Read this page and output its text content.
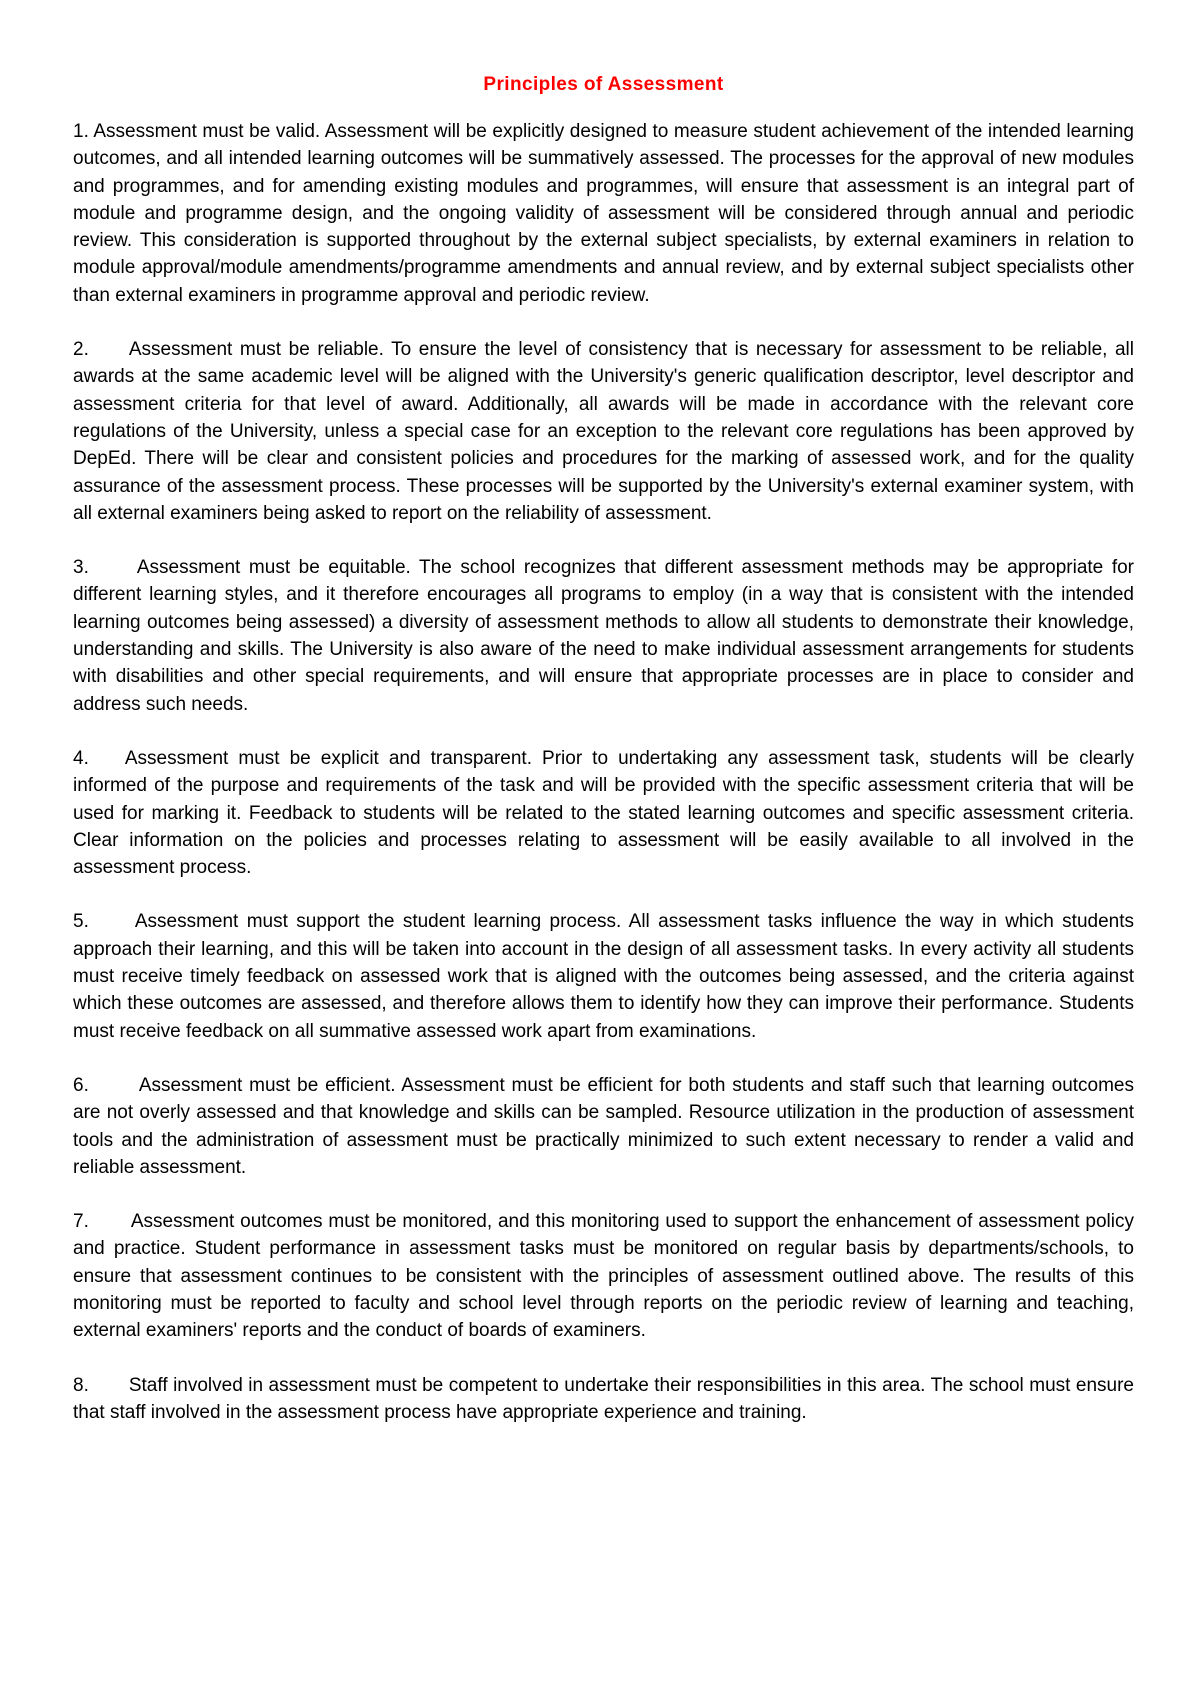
Principles of Assessment

1. Assessment must be valid. Assessment will be explicitly designed to measure student achievement of the intended learning outcomes, and all intended learning outcomes will be summatively assessed. The processes for the approval of new modules and programmes, and for amending existing modules and programmes, will ensure that assessment is an integral part of module and programme design, and the ongoing validity of assessment will be considered through annual and periodic review. This consideration is supported throughout by the external subject specialists, by external examiners in relation to module approval/module amendments/programme amendments and annual review, and by external subject specialists other than external examiners in programme approval and periodic review.

2. Assessment must be reliable. To ensure the level of consistency that is necessary for assessment to be reliable, all awards at the same academic level will be aligned with the University's generic qualification descriptor, level descriptor and assessment criteria for that level of award. Additionally, all awards will be made in accordance with the relevant core regulations of the University, unless a special case for an exception to the relevant core regulations has been approved by DepEd. There will be clear and consistent policies and procedures for the marking of assessed work, and for the quality assurance of the assessment process. These processes will be supported by the University's external examiner system, with all external examiners being asked to report on the reliability of assessment.

3.	Assessment must be equitable. The school recognizes that different assessment methods may be appropriate for different learning styles, and it therefore encourages all programs to employ (in a way that is consistent with the intended learning outcomes being assessed) a diversity of assessment methods to allow all students to demonstrate their knowledge, understanding and skills. The University is also aware of the need to make individual assessment arrangements for students with disabilities and other special requirements, and will ensure that appropriate processes are in place to consider and address such needs.

4. Assessment must be explicit and transparent. Prior to undertaking any assessment task, students will be clearly informed of the purpose and requirements of the task and will be provided with the specific assessment criteria that will be used for marking it. Feedback to students will be related to the stated learning outcomes and specific assessment criteria. Clear information on the policies and processes relating to assessment will be easily available to all involved in the assessment process.

5. Assessment must support the student learning process. All assessment tasks influence the way in which students approach their learning, and this will be taken into account in the design of all assessment tasks. In every activity all students must receive timely feedback on assessed work that is aligned with the outcomes being assessed, and the criteria against which these outcomes are assessed, and therefore allows them to identify how they can improve their performance. Students must receive feedback on all summative assessed work apart from examinations.

6.	Assessment must be efficient. Assessment must be efficient for both students and staff such that learning outcomes are not overly assessed and that knowledge and skills can be sampled. Resource utilization in the production of assessment tools and the administration of assessment must be practically minimized to such extent necessary to render a valid and reliable assessment.

7. Assessment outcomes must be monitored, and this monitoring used to support the enhancement of assessment policy and practice. Student performance in assessment tasks must be monitored on regular basis by departments/schools, to ensure that assessment continues to be consistent with the principles of assessment outlined above. The results of this monitoring must be reported to faculty and school level through reports on the periodic review of learning and teaching, external examiners' reports and the conduct of boards of examiners.

8. Staff involved in assessment must be competent to undertake their responsibilities in this area. The school must ensure that staff involved in the assessment process have appropriate experience and training.
